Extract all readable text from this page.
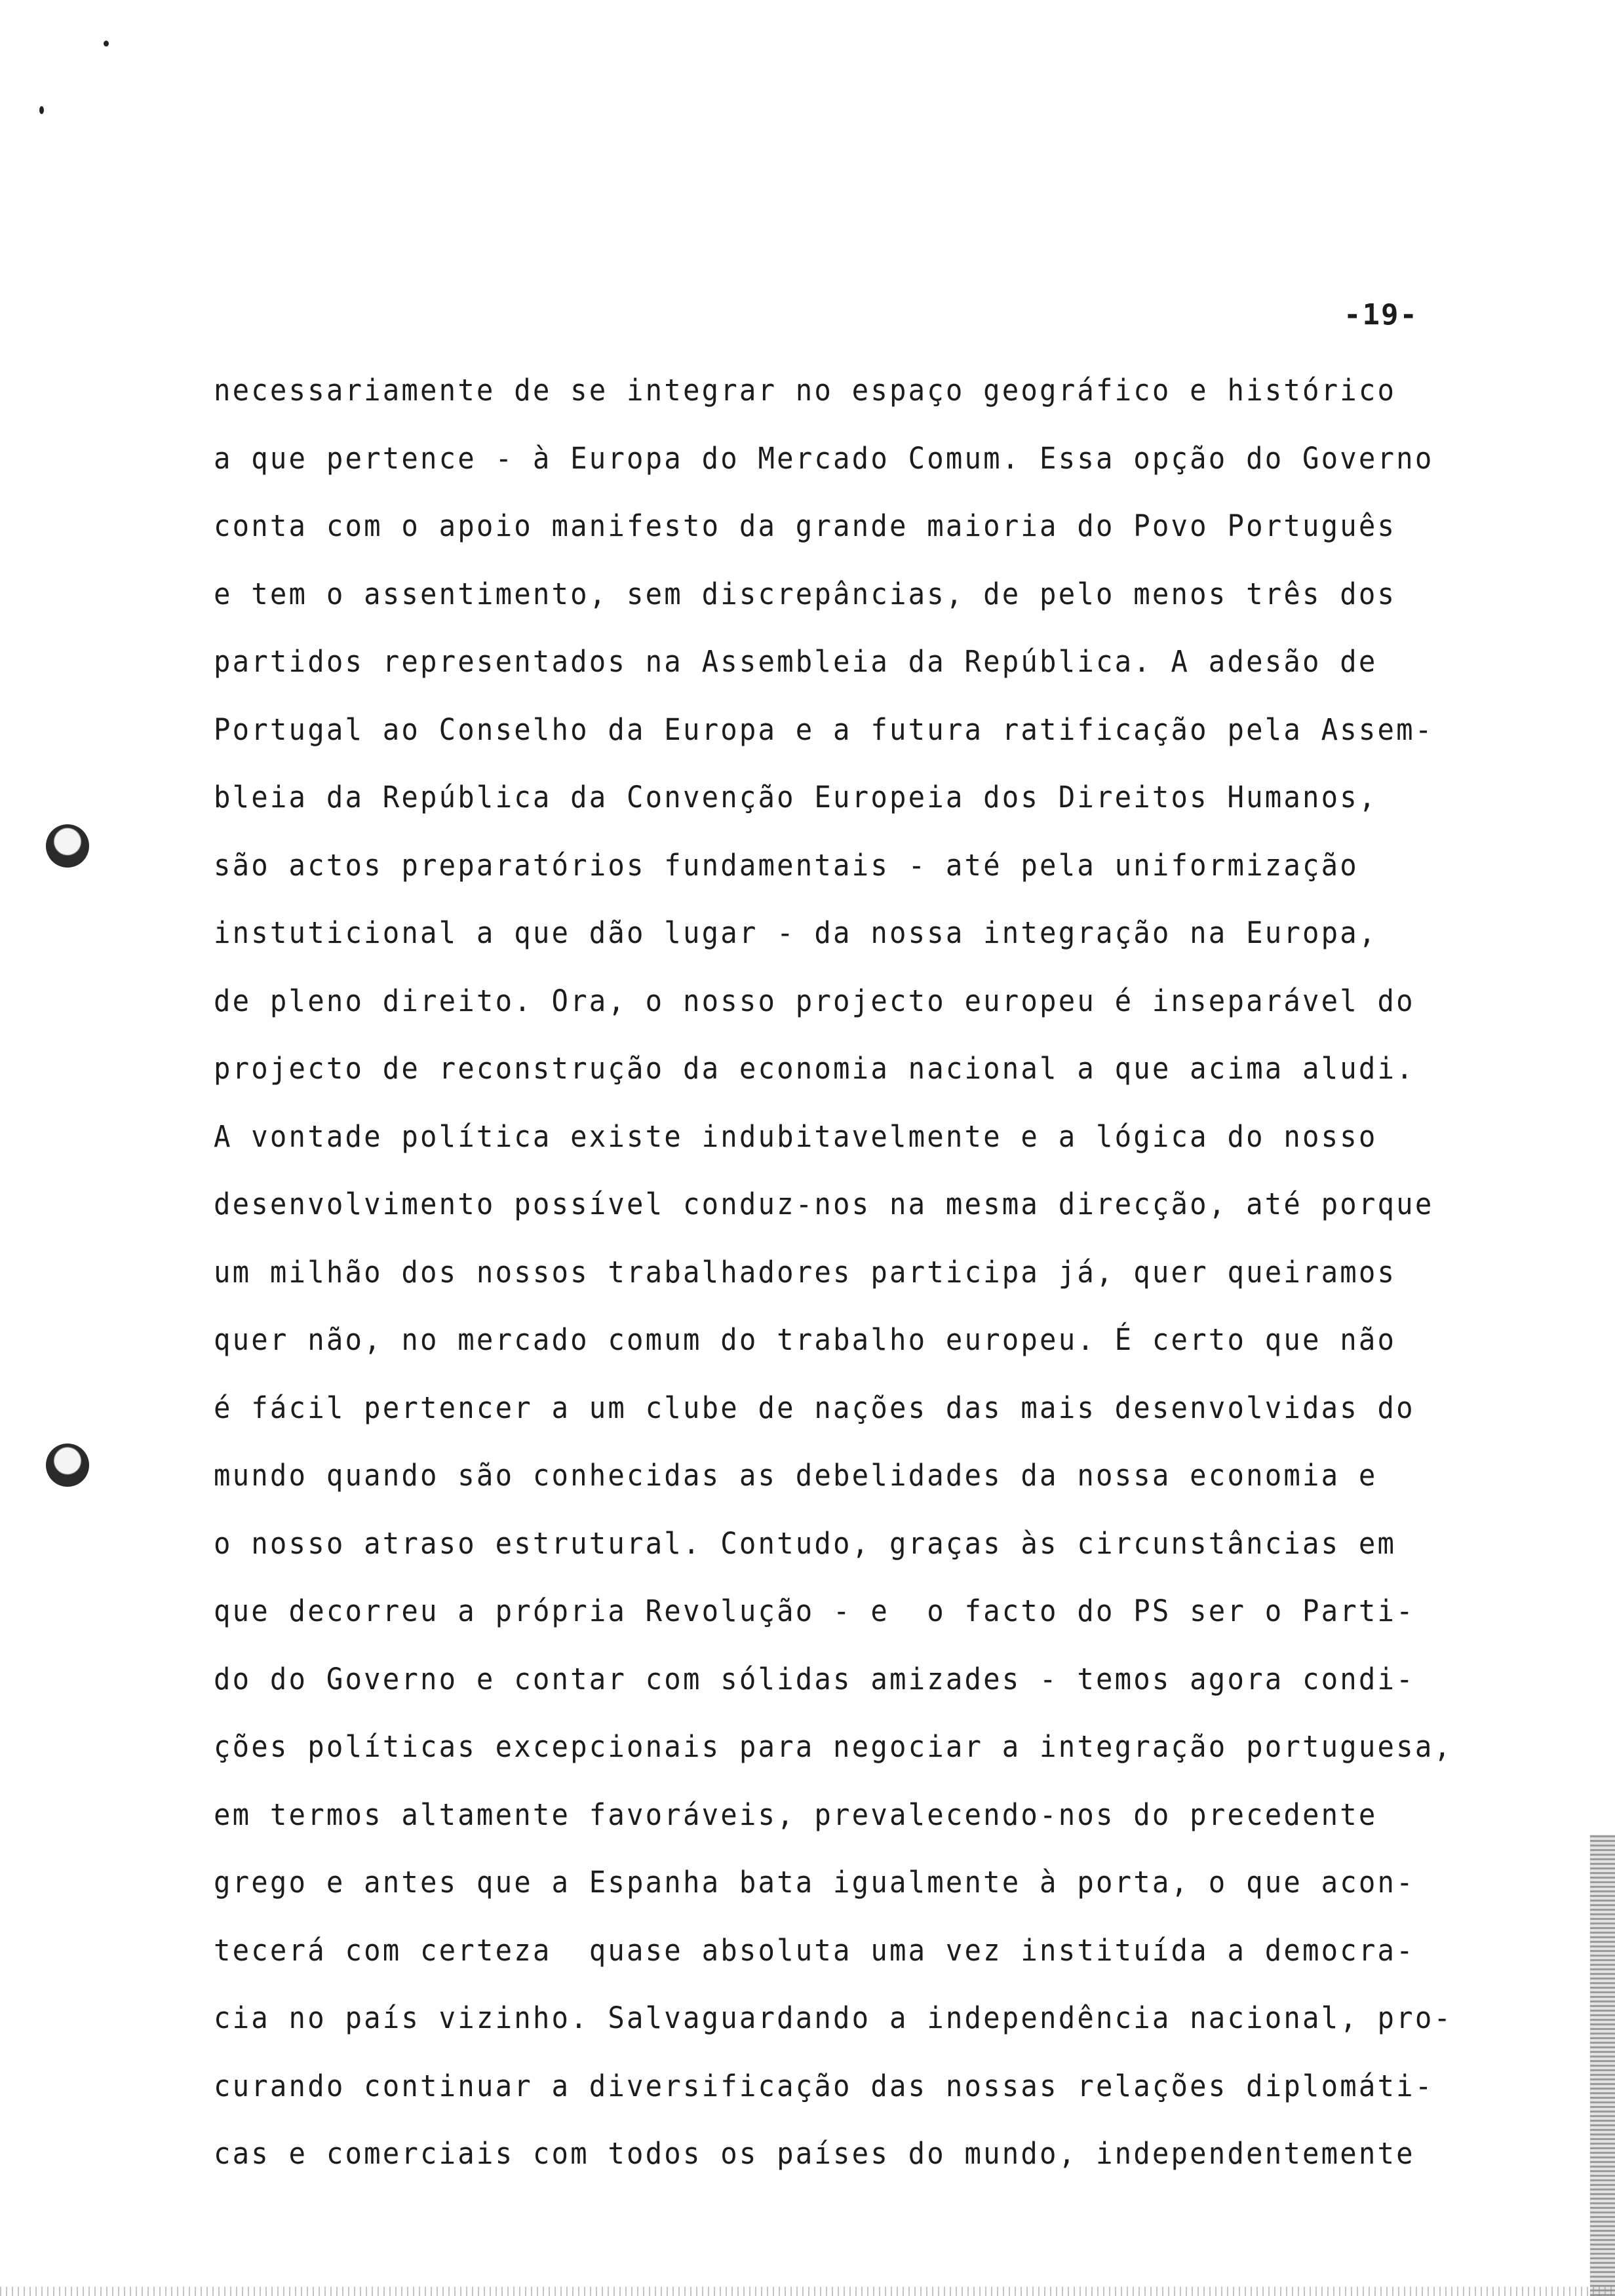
-19-
necessariamente de se integrar no espaço geográfico e histórico
a que pertence - à Europa do Mercado Comum. Essa opção do Governo
conta com o apoio manifesto da grande maioria do Povo Português
e tem o assentimento, sem discrepâncias, de pelo menos três dos
partidos representados na Assembleia da República. A adesão de
Portugal ao Conselho da Europa e a futura ratificação pela Assem-
bleia da República da Convenção Europeia dos Direitos Humanos,
são actos preparatórios fundamentais - até pela uniformização
instuticional a que dão lugar - da nossa integração na Europa,
de pleno direito. Ora, o nosso projecto europeu é inseparável do
projecto de reconstrução da economia nacional a que acima aludi.
A vontade política existe indubitavelmente e a lógica do nosso
desenvolvimento possível conduz-nos na mesma direcção, até porque
um milhão dos nossos trabalhadores participa já, quer queiramos
quer não, no mercado comum do trabalho europeu. É certo que não
é fácil pertencer a um clube de nações das mais desenvolvidas do
mundo quando são conhecidas as debelidades da nossa economia e
o nosso atraso estrutural. Contudo, graças às circunstâncias em
que decorreu a própria Revolução - e  o facto do PS ser o Parti-
do do Governo e contar com sólidas amizades - temos agora condi-
ções políticas excepcionais para negociar a integração portuguesa,
em termos altamente favoráveis, prevalecendo-nos do precedente
grego e antes que a Espanha bata igualmente à porta, o que acon-
tecerá com certeza  quase absoluta uma vez instituída a democra-
cia no país vizinho. Salvaguardando a independência nacional, pro-
curando continuar a diversificação das nossas relações diplomáti-
cas e comerciais com todos os países do mundo, independentemente
